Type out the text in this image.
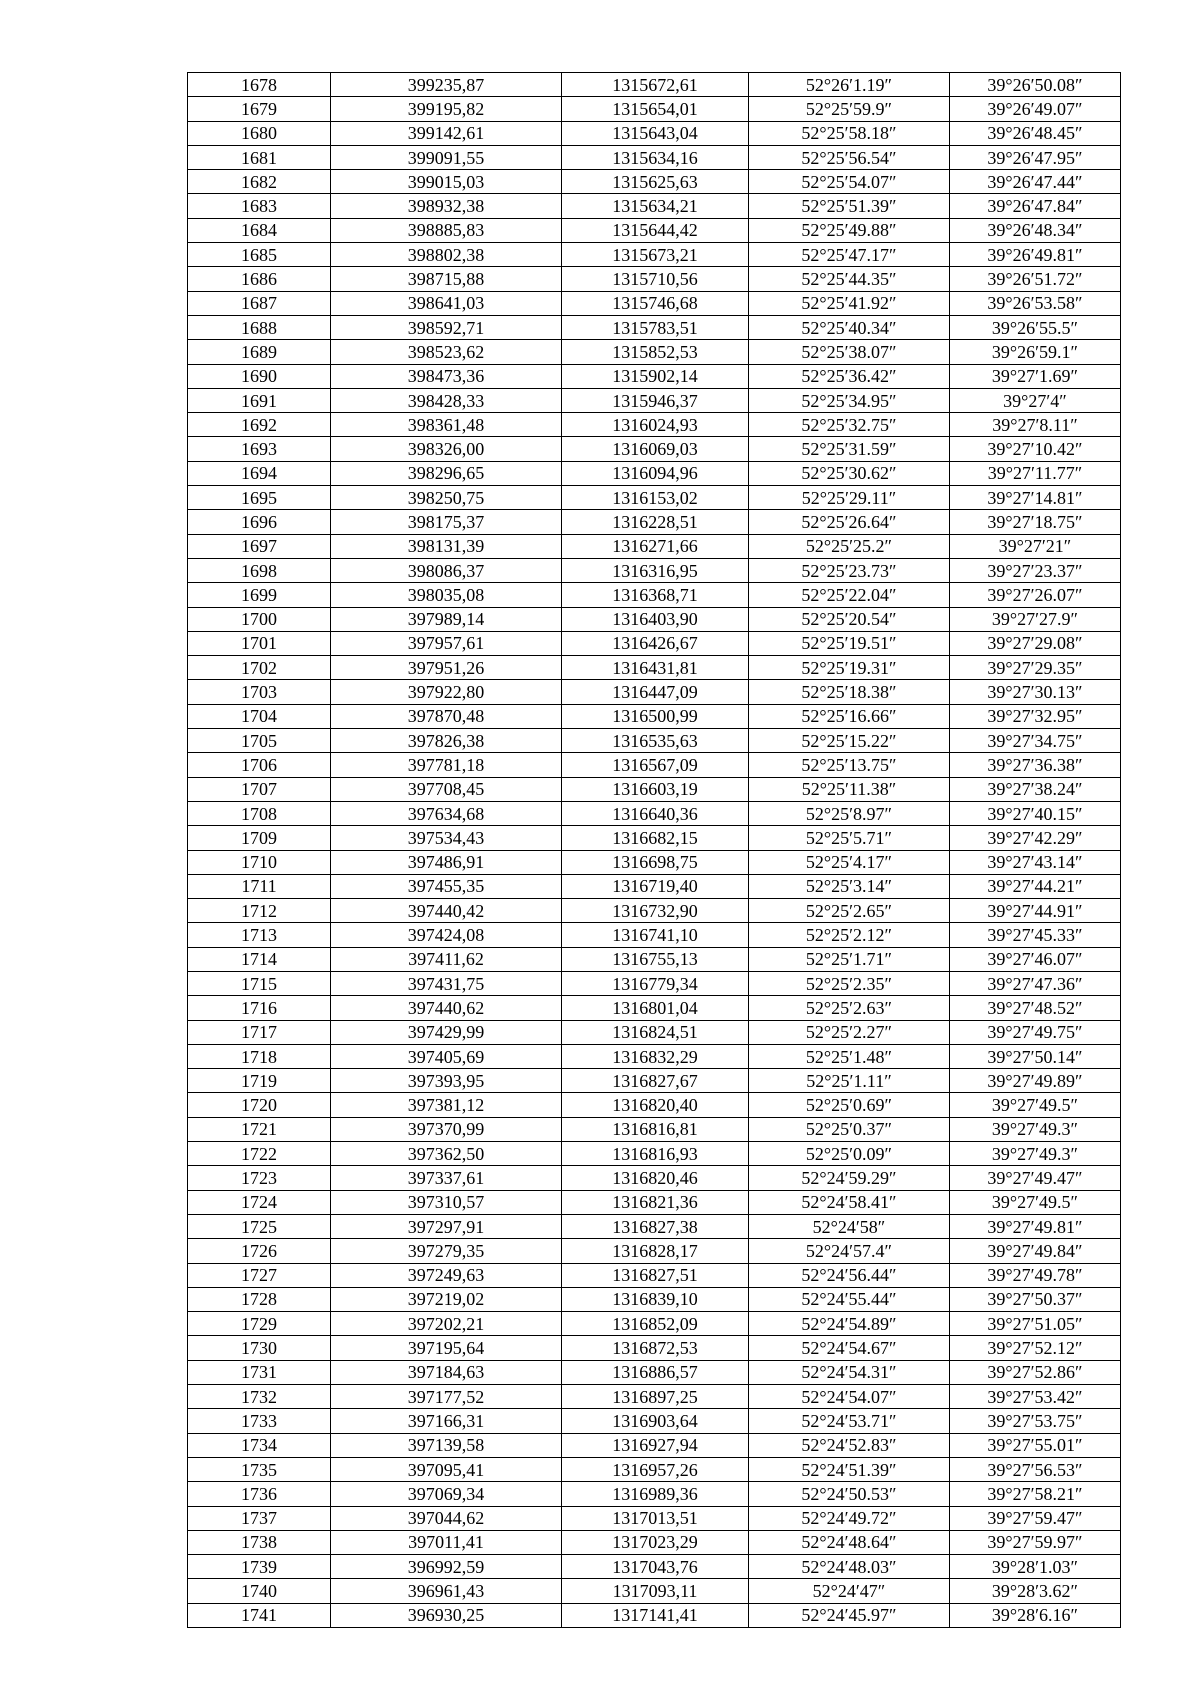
1678	399235,87	1315672,61	52°26′1.19″	39°26′50.08″
1679	399195,82	1315654,01	52°25′59.9″	39°26′49.07″
1680	399142,61	1315643,04	52°25′58.18″	39°26′48.45″
1681	399091,55	1315634,16	52°25′56.54″	39°26′47.95″
1682	399015,03	1315625,63	52°25′54.07″	39°26′47.44″
1683	398932,38	1315634,21	52°25′51.39″	39°26′47.84″
1684	398885,83	1315644,42	52°25′49.88″	39°26′48.34″
1685	398802,38	1315673,21	52°25′47.17″	39°26′49.81″
1686	398715,88	1315710,56	52°25′44.35″	39°26′51.72″
1687	398641,03	1315746,68	52°25′41.92″	39°26′53.58″
1688	398592,71	1315783,51	52°25′40.34″	39°26′55.5″
1689	398523,62	1315852,53	52°25′38.07″	39°26′59.1″
1690	398473,36	1315902,14	52°25′36.42″	39°27′1.69″
1691	398428,33	1315946,37	52°25′34.95″	39°27′4″
1692	398361,48	1316024,93	52°25′32.75″	39°27′8.11″
1693	398326,00	1316069,03	52°25′31.59″	39°27′10.42″
1694	398296,65	1316094,96	52°25′30.62″	39°27′11.77″
1695	398250,75	1316153,02	52°25′29.11″	39°27′14.81″
1696	398175,37	1316228,51	52°25′26.64″	39°27′18.75″
1697	398131,39	1316271,66	52°25′25.2″	39°27′21″
1698	398086,37	1316316,95	52°25′23.73″	39°27′23.37″
1699	398035,08	1316368,71	52°25′22.04″	39°27′26.07″
1700	397989,14	1316403,90	52°25′20.54″	39°27′27.9″
1701	397957,61	1316426,67	52°25′19.51″	39°27′29.08″
1702	397951,26	1316431,81	52°25′19.31″	39°27′29.35″
1703	397922,80	1316447,09	52°25′18.38″	39°27′30.13″
1704	397870,48	1316500,99	52°25′16.66″	39°27′32.95″
1705	397826,38	1316535,63	52°25′15.22″	39°27′34.75″
1706	397781,18	1316567,09	52°25′13.75″	39°27′36.38″
1707	397708,45	1316603,19	52°25′11.38″	39°27′38.24″
1708	397634,68	1316640,36	52°25′8.97″	39°27′40.15″
1709	397534,43	1316682,15	52°25′5.71″	39°27′42.29″
1710	397486,91	1316698,75	52°25′4.17″	39°27′43.14″
1711	397455,35	1316719,40	52°25′3.14″	39°27′44.21″
1712	397440,42	1316732,90	52°25′2.65″	39°27′44.91″
1713	397424,08	1316741,10	52°25′2.12″	39°27′45.33″
1714	397411,62	1316755,13	52°25′1.71″	39°27′46.07″
1715	397431,75	1316779,34	52°25′2.35″	39°27′47.36″
1716	397440,62	1316801,04	52°25′2.63″	39°27′48.52″
1717	397429,99	1316824,51	52°25′2.27″	39°27′49.75″
1718	397405,69	1316832,29	52°25′1.48″	39°27′50.14″
1719	397393,95	1316827,67	52°25′1.11″	39°27′49.89″
1720	397381,12	1316820,40	52°25′0.69″	39°27′49.5″
1721	397370,99	1316816,81	52°25′0.37″	39°27′49.3″
1722	397362,50	1316816,93	52°25′0.09″	39°27′49.3″
1723	397337,61	1316820,46	52°24′59.29″	39°27′49.47″
1724	397310,57	1316821,36	52°24′58.41″	39°27′49.5″
1725	397297,91	1316827,38	52°24′58″	39°27′49.81″
1726	397279,35	1316828,17	52°24′57.4″	39°27′49.84″
1727	397249,63	1316827,51	52°24′56.44″	39°27′49.78″
1728	397219,02	1316839,10	52°24′55.44″	39°27′50.37″
1729	397202,21	1316852,09	52°24′54.89″	39°27′51.05″
1730	397195,64	1316872,53	52°24′54.67″	39°27′52.12″
1731	397184,63	1316886,57	52°24′54.31″	39°27′52.86″
1732	397177,52	1316897,25	52°24′54.07″	39°27′53.42″
1733	397166,31	1316903,64	52°24′53.71″	39°27′53.75″
1734	397139,58	1316927,94	52°24′52.83″	39°27′55.01″
1735	397095,41	1316957,26	52°24′51.39″	39°27′56.53″
1736	397069,34	1316989,36	52°24′50.53″	39°27′58.21″
1737	397044,62	1317013,51	52°24′49.72″	39°27′59.47″
1738	397011,41	1317023,29	52°24′48.64″	39°27′59.97″
1739	396992,59	1317043,76	52°24′48.03″	39°28′1.03″
1740	396961,43	1317093,11	52°24′47″	39°28′3.62″
1741	396930,25	1317141,41	52°24′45.97″	39°28′6.16″
